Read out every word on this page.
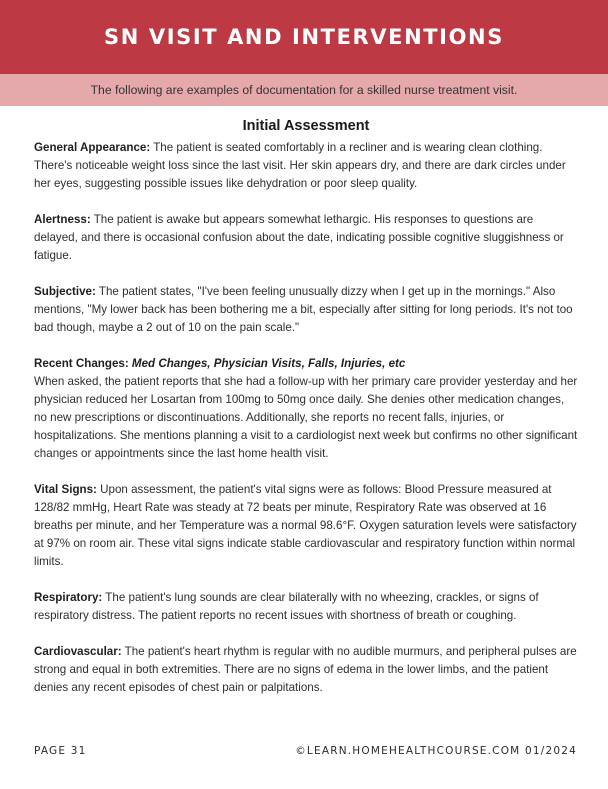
SN VISIT AND INTERVENTIONS
The following are examples of documentation for a skilled nurse treatment visit.
Initial Assessment

General Appearance: The patient is seated comfortably in a recliner and is wearing clean clothing. There's noticeable weight loss since the last visit. Her skin appears dry, and there are dark circles under her eyes, suggesting possible issues like dehydration or poor sleep quality.

Alertness: The patient is awake but appears somewhat lethargic. His responses to questions are delayed, and there is occasional confusion about the date, indicating possible cognitive sluggishness or fatigue.

Subjective: The patient states, "I've been feeling unusually dizzy when I get up in the mornings." Also mentions, "My lower back has been bothering me a bit, especially after sitting for long periods. It's not too bad though, maybe a 2 out of 10 on the pain scale."

Recent Changes: Med Changes, Physician Visits, Falls, Injuries, etc
When asked, the patient reports that she had a follow-up with her primary care provider yesterday and her physician reduced her Losartan from 100mg to 50mg once daily. She denies other medication changes, no new prescriptions or discontinuations. Additionally, she reports no recent falls, injuries, or hospitalizations. She mentions planning a visit to a cardiologist next week but confirms no other significant changes or appointments since the last home health visit.

Vital Signs: Upon assessment, the patient's vital signs were as follows: Blood Pressure measured at 128/82 mmHg, Heart Rate was steady at 72 beats per minute, Respiratory Rate was observed at 16 breaths per minute, and her Temperature was a normal 98.6°F. Oxygen saturation levels were satisfactory at 97% on room air. These vital signs indicate stable cardiovascular and respiratory function within normal limits.

Respiratory: The patient's lung sounds are clear bilaterally with no wheezing, crackles, or signs of respiratory distress. The patient reports no recent issues with shortness of breath or coughing.

Cardiovascular: The patient's heart rhythm is regular with no audible murmurs, and peripheral pulses are strong and equal in both extremities. There are no signs of edema in the lower limbs, and the patient denies any recent episodes of chest pain or palpitations.

PAGE 31	©LEARN.HOMEHEALTHCOURSE.COM 01/2024
